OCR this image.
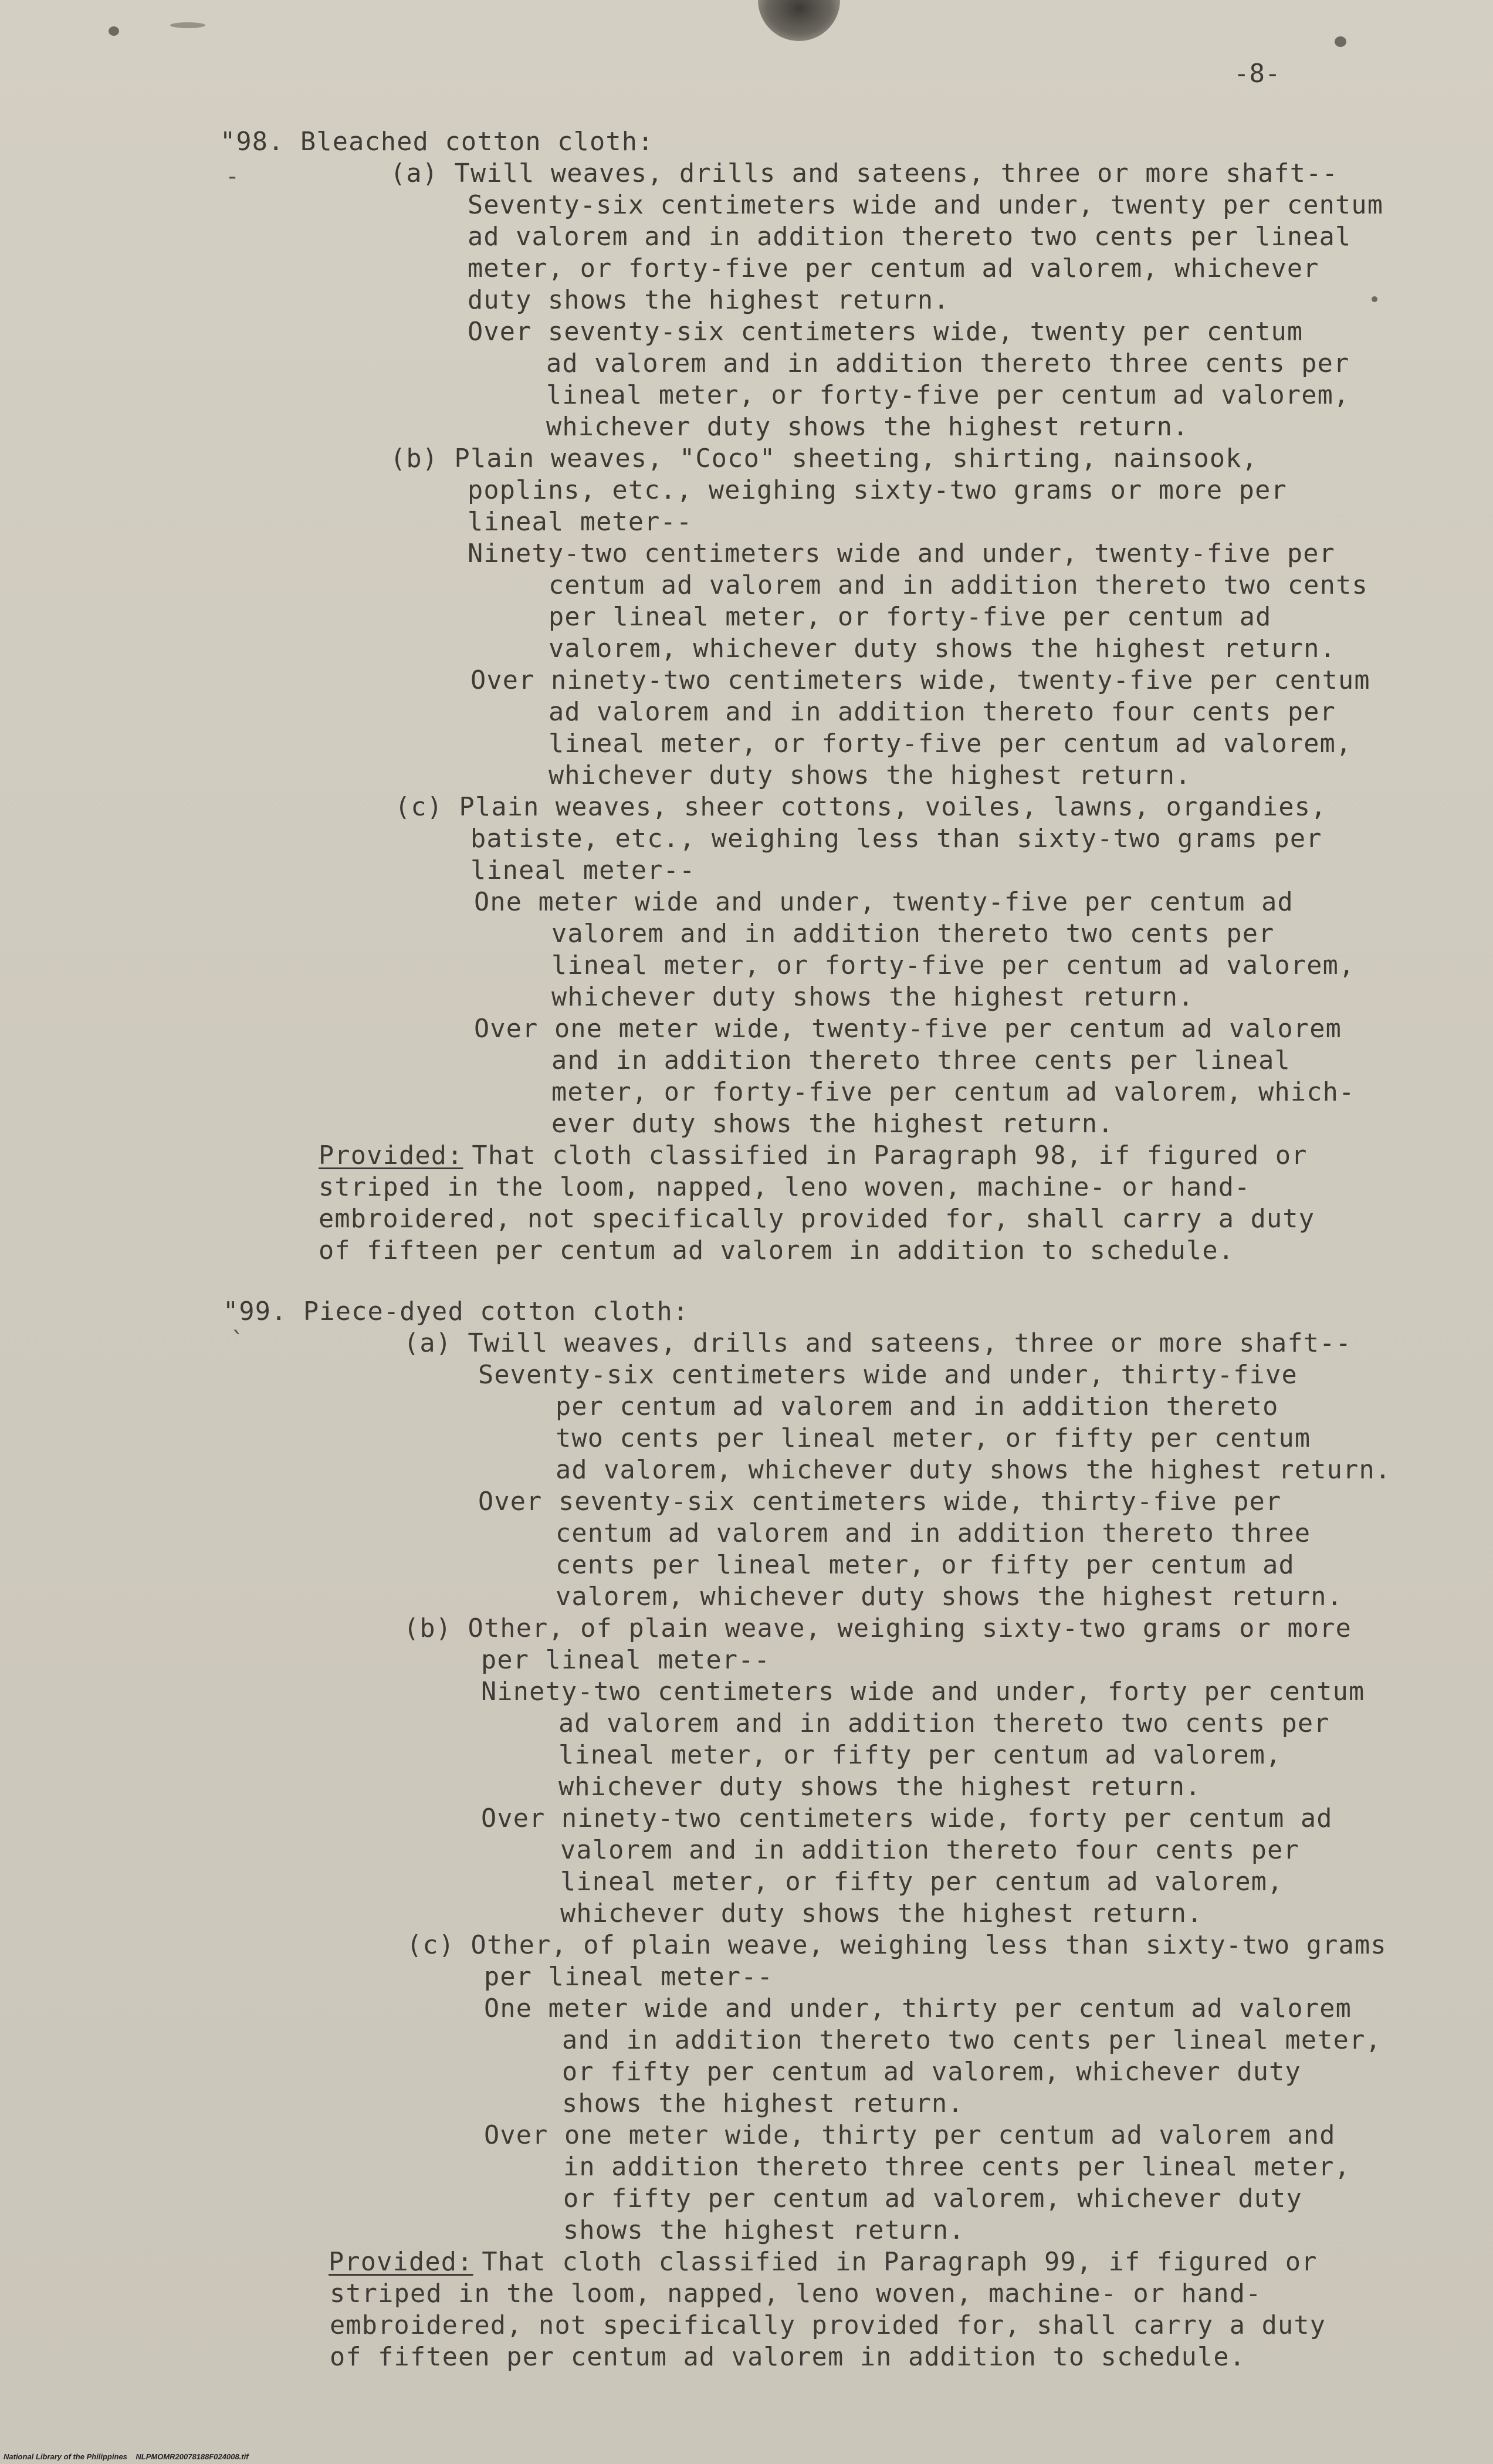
-8-
-
`
"98. Bleached cotton cloth:
(a) Twill weaves, drills and sateens, three or more shaft--
Seventy-six centimeters wide and under, twenty per centum
ad valorem and in addition thereto two cents per lineal
meter, or forty-five per centum ad valorem, whichever
duty shows the highest return.
Over seventy-six centimeters wide, twenty per centum
ad valorem and in addition thereto three cents per
lineal meter, or forty-five per centum ad valorem,
whichever duty shows the highest return.
(b) Plain weaves, "Coco" sheeting, shirting, nainsook,
poplins, etc., weighing sixty-two grams or more per
lineal meter--
Ninety-two centimeters wide and under, twenty-five per
centum ad valorem and in addition thereto two cents
per lineal meter, or forty-five per centum ad
valorem, whichever duty shows the highest return.
Over ninety-two centimeters wide, twenty-five per centum
ad valorem and in addition thereto four cents per
lineal meter, or forty-five per centum ad valorem,
whichever duty shows the highest return.
(c) Plain weaves, sheer cottons, voiles, lawns, organdies,
batiste, etc., weighing less than sixty-two grams per
lineal meter--
One meter wide and under, twenty-five per centum ad
valorem and in addition thereto two cents per
lineal meter, or forty-five per centum ad valorem,
whichever duty shows the highest return.
Over one meter wide, twenty-five per centum ad valorem
and in addition thereto three cents per lineal
meter, or forty-five per centum ad valorem, which-
ever duty shows the highest return.
Provided:
That cloth classified in Paragraph 98, if figured or
striped in the loom, napped, leno woven, machine- or hand-
embroidered, not specifically provided for, shall carry a duty
of fifteen per centum ad valorem in addition to schedule.
"99. Piece-dyed cotton cloth:
(a) Twill weaves, drills and sateens, three or more shaft--
Seventy-six centimeters wide and under, thirty-five
per centum ad valorem and in addition thereto
two cents per lineal meter, or fifty per centum
ad valorem, whichever duty shows the highest return.
Over seventy-six centimeters wide, thirty-five per
centum ad valorem and in addition thereto three
cents per lineal meter, or fifty per centum ad
valorem, whichever duty shows the highest return.
(b) Other, of plain weave, weighing sixty-two grams or more
per lineal meter--
Ninety-two centimeters wide and under, forty per centum
ad valorem and in addition thereto two cents per
lineal meter, or fifty per centum ad valorem,
whichever duty shows the highest return.
Over ninety-two centimeters wide, forty per centum ad
valorem and in addition thereto four cents per
lineal meter, or fifty per centum ad valorem,
whichever duty shows the highest return.
(c) Other, of plain weave, weighing less than sixty-two grams
per lineal meter--
One meter wide and under, thirty per centum ad valorem
and in addition thereto two cents per lineal meter,
or fifty per centum ad valorem, whichever duty
shows the highest return.
Over one meter wide, thirty per centum ad valorem and
in addition thereto three cents per lineal meter,
or fifty per centum ad valorem, whichever duty
shows the highest return.
Provided:
That cloth classified in Paragraph 99, if figured or
striped in the loom, napped, leno woven, machine- or hand-
embroidered, not specifically provided for, shall carry a duty
of fifteen per centum ad valorem in addition to schedule.
National Library of the Philippines    NLPMOMR20078188F024008.tif
